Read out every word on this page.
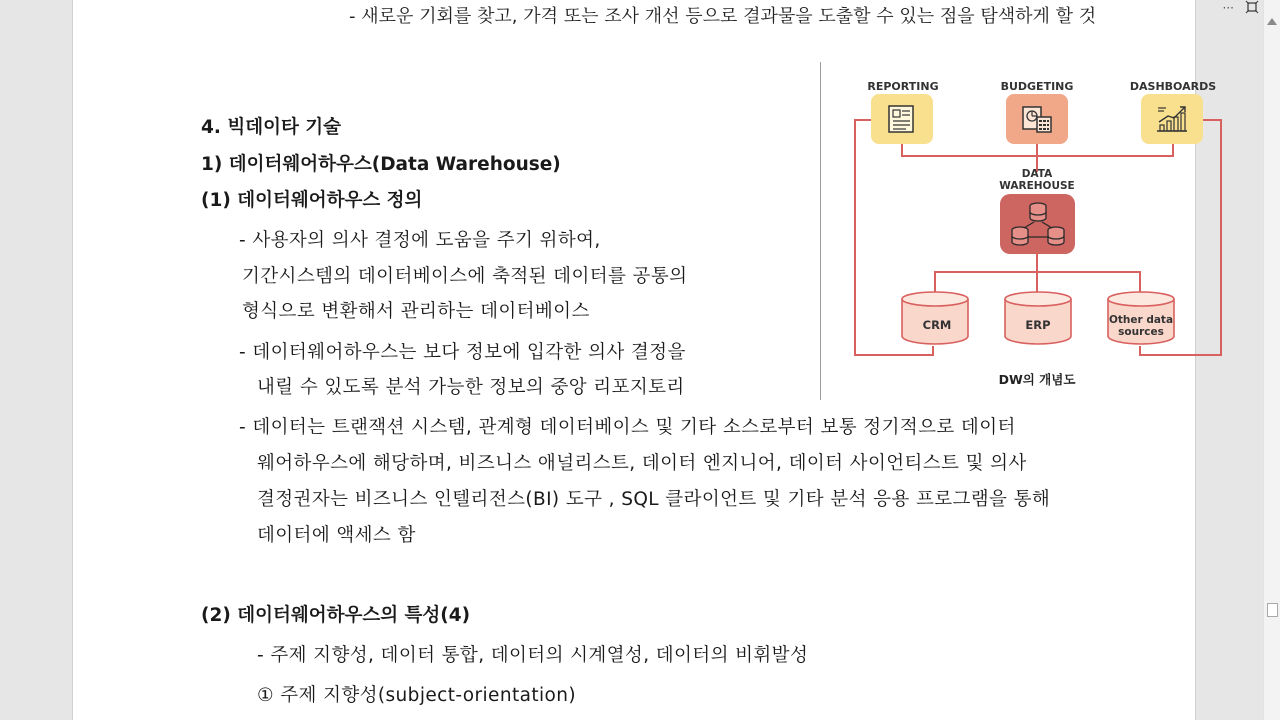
- 새로운 기회를 찾고, 가격 또는 조사 개선 등으로 결과물을 도출할 수 있는 점을 탐색하게 할 것
4. 빅데이타 기술
1) 데이터웨어하우스(Data Warehouse)
(1) 데이터웨어하우스 정의
- 사용자의 의사 결정에 도움을 주기 위하여,
기간시스템의 데이터베이스에 축적된 데이터를 공통의
형식으로 변환해서 관리하는 데이터베이스
- 데이터웨어하우스는 보다 정보에 입각한 의사 결정을
내릴 수 있도록 분석 가능한 정보의 중앙 리포지토리
- 데이터는 트랜잭션 시스템, 관계형 데이터베이스 및 기타 소스로부터 보통 정기적으로 데이터
웨어하우스에 해당하며, 비즈니스 애널리스트, 데이터 엔지니어, 데이터 사이언티스트 및 의사
결정권자는 비즈니스 인텔리전스(BI) 도구 , SQL 클라이언트 및 기타 분석 응용 프로그램을 통해
데이터에 액세스 함
(2) 데이터웨어하우스의 특성(4)
- 주제 지향성, 데이터 통합, 데이터의 시계열성, 데이터의 비휘발성
① 주제 지향성(subject-orientation)
REPORTING	BUDGETING	DASHBOARDS
DATA
WAREHOUSE
CRM	ERP	Other data sources
DW의 개념도
···
